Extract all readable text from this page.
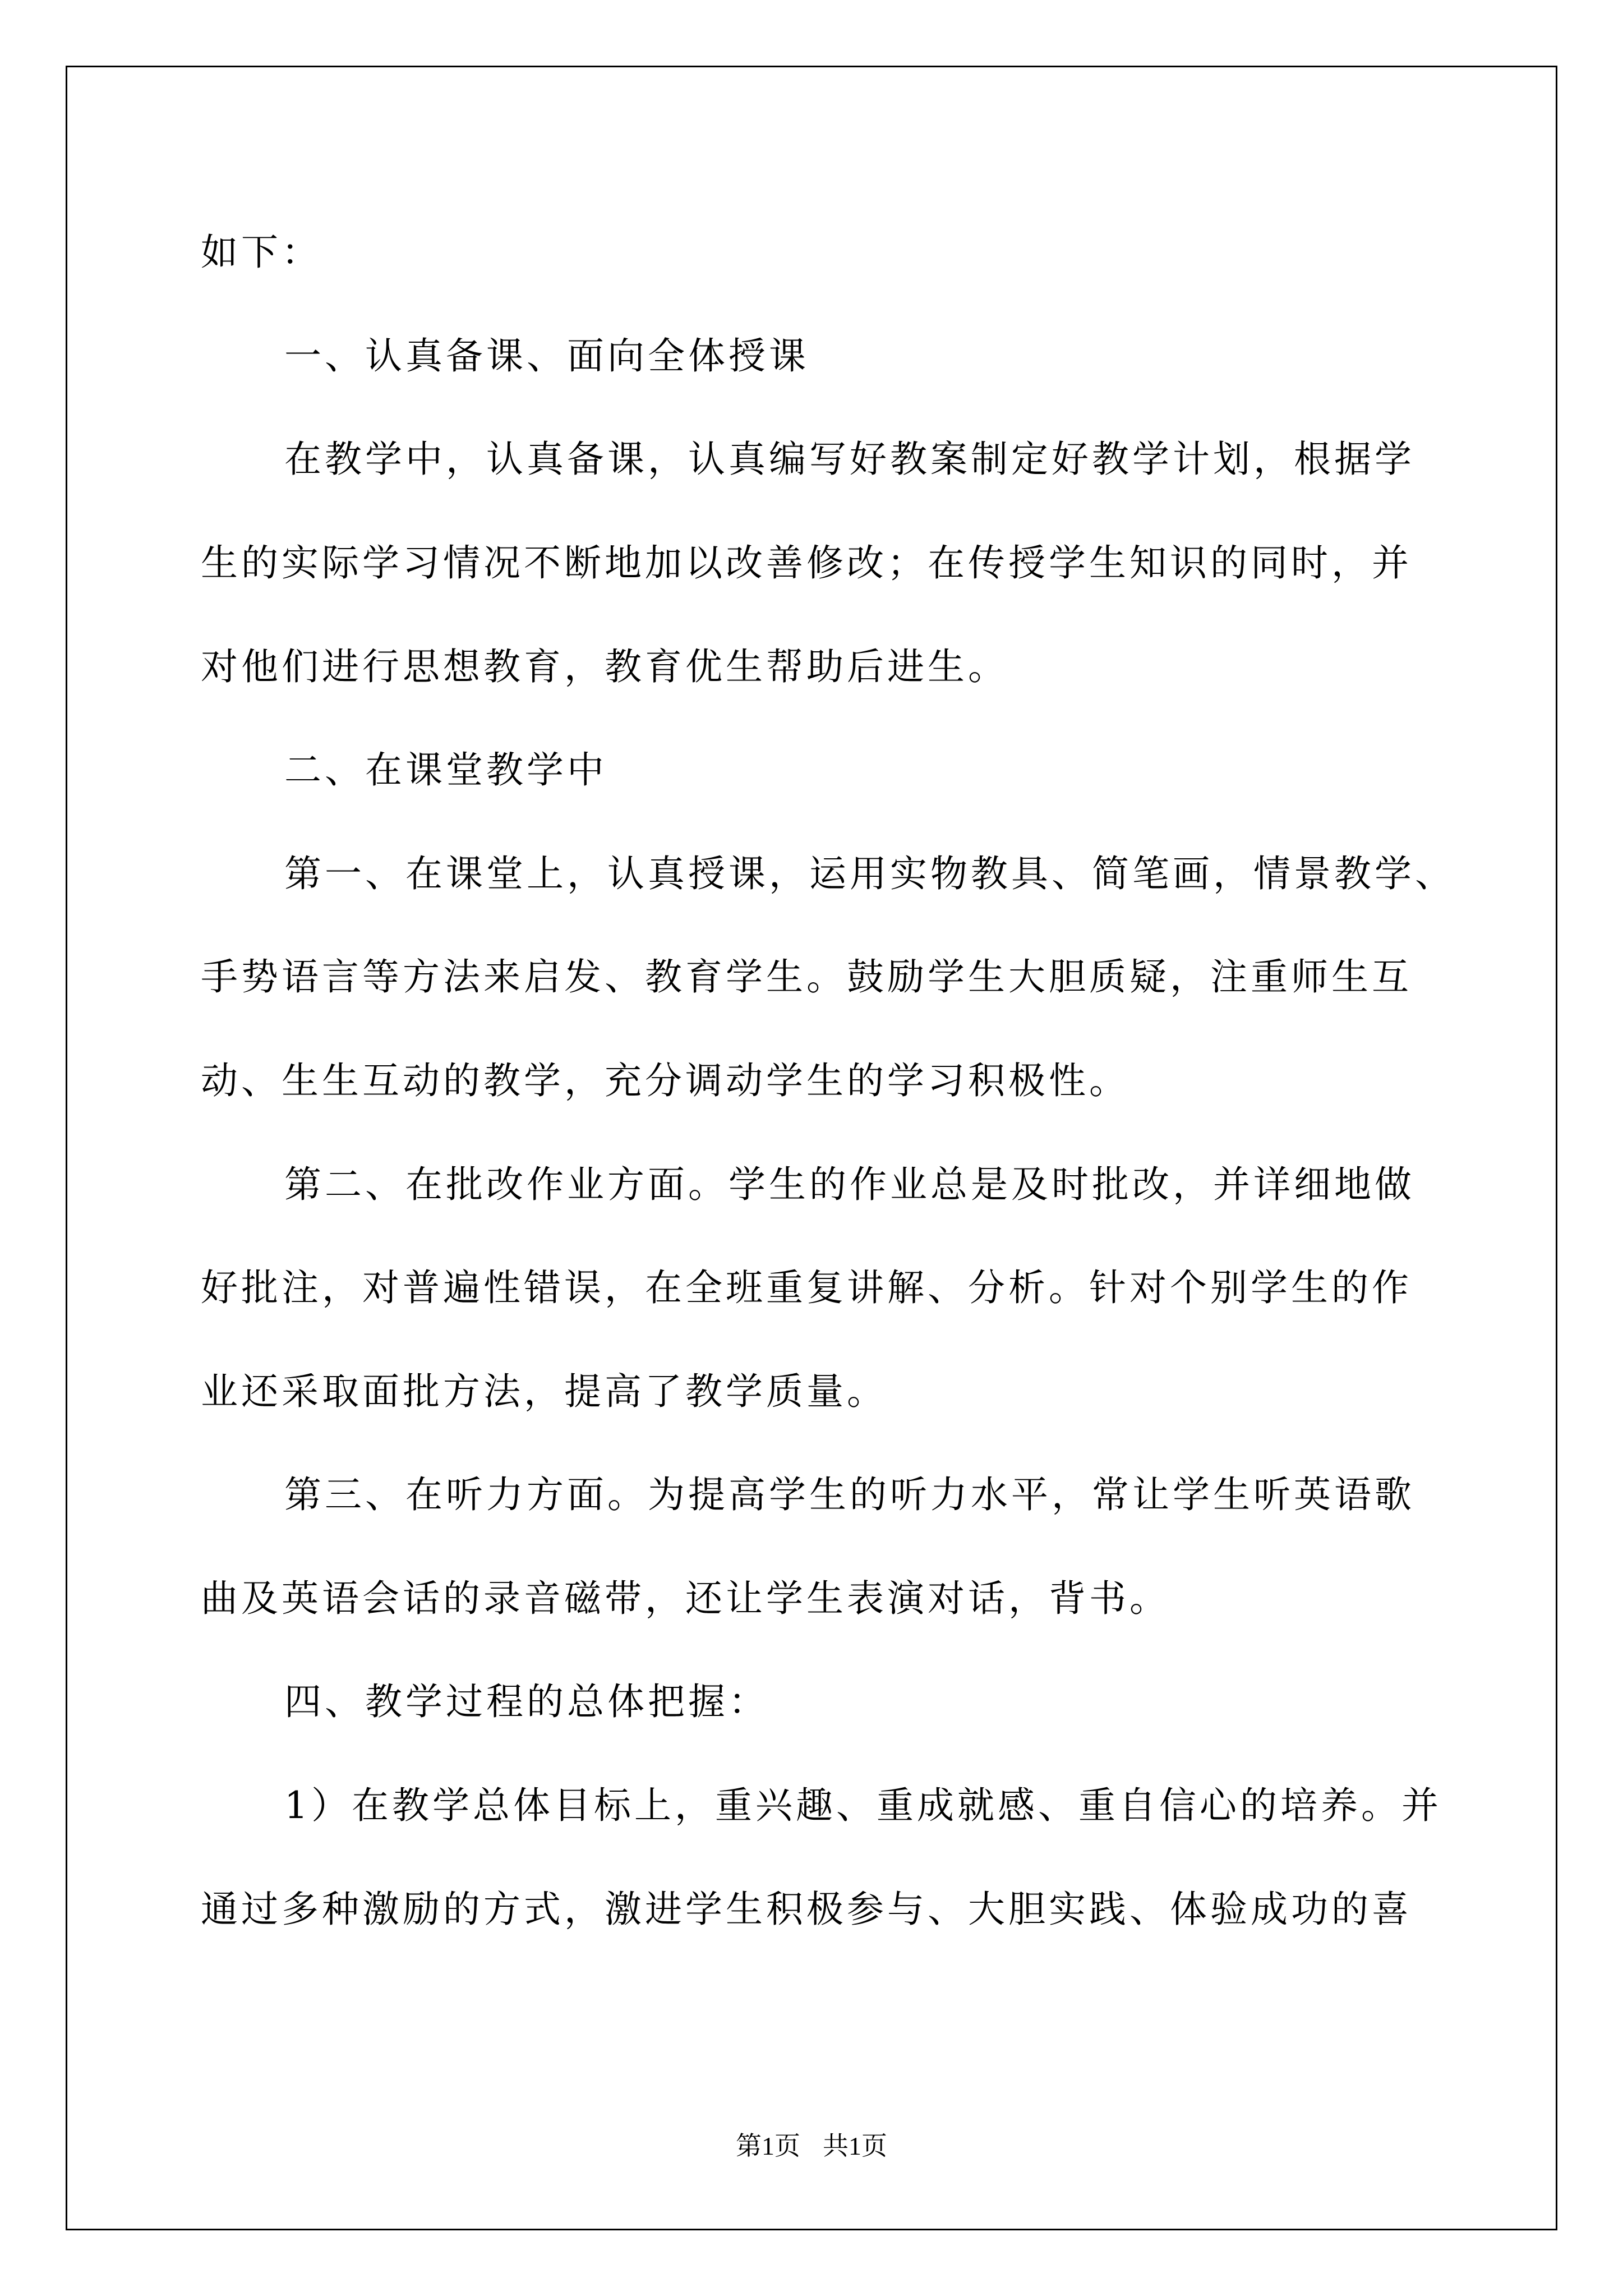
如下：
一、认真备课、面向全体授课
在教学中，认真备课，认真编写好教案制定好教学计划，根据学
生的实际学习情况不断地加以改善修改；在传授学生知识的同时，并
对他们进行思想教育，教育优生帮助后进生。
二、在课堂教学中
第一、在课堂上，认真授课，运用实物教具、简笔画，情景教学、
手势语言等方法来启发、教育学生。鼓励学生大胆质疑，注重师生互
动、生生互动的教学，充分调动学生的学习积极性。
第二、在批改作业方面。学生的作业总是及时批改，并详细地做
好批注，对普遍性错误，在全班重复讲解、分析。针对个别学生的作
业还采取面批方法，提高了教学质量。
第三、在听力方面。为提高学生的听力水平，常让学生听英语歌
曲及英语会话的录音磁带，还让学生表演对话，背书。
四、教学过程的总体把握：
1）在教学总体目标上，重兴趣、重成就感、重自信心的培养。并
通过多种激励的方式，激进学生积极参与、大胆实践、体验成功的喜
第1页 共1页
